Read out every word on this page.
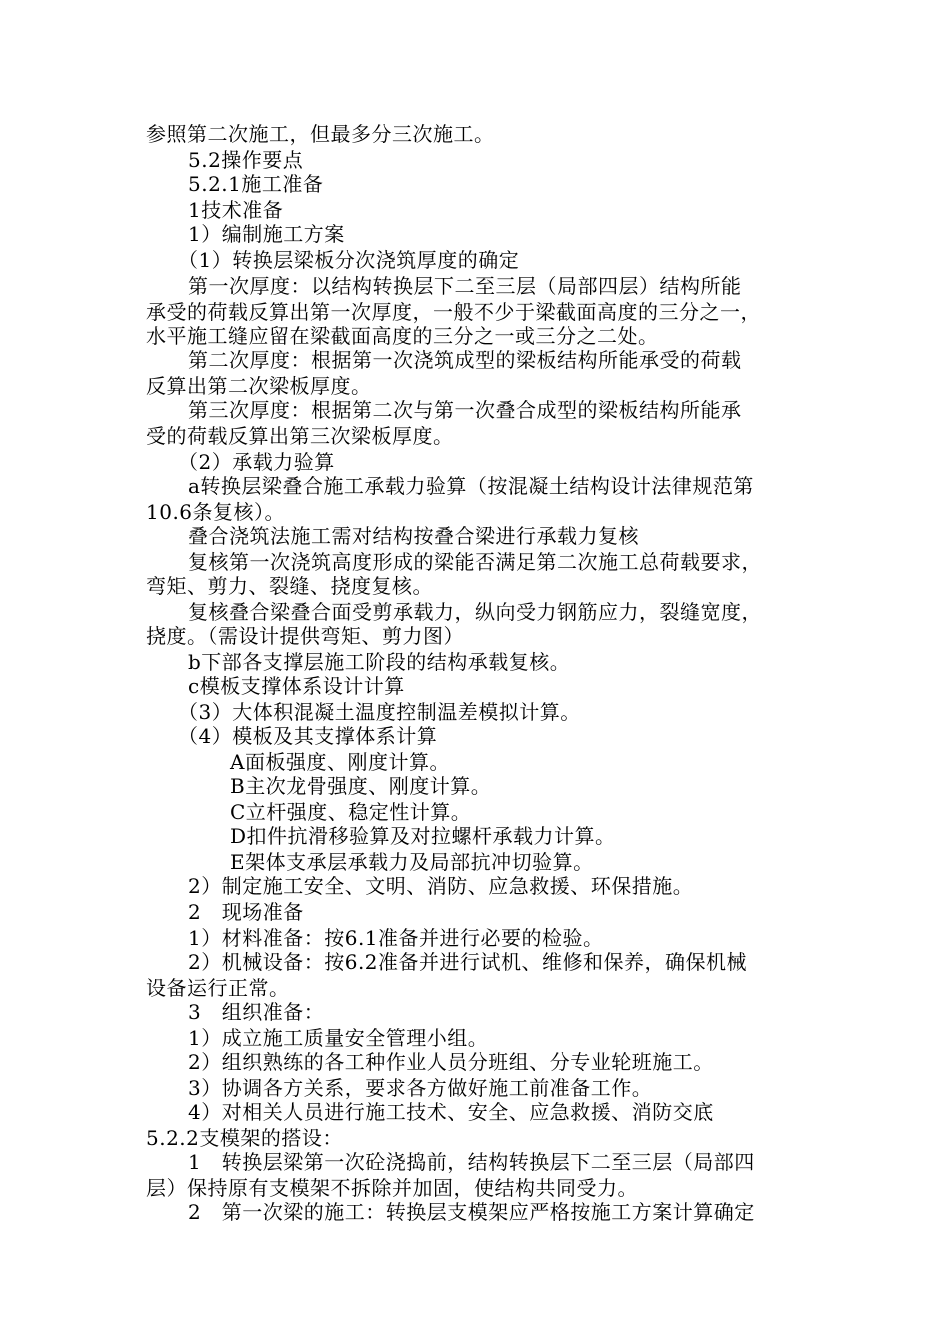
参照第二次施工，但最多分三次施工。
5.2操作要点
5.2.1施工准备
1技术准备
1）编制施工方案
（1）转换层梁板分次浇筑厚度的确定
第一次厚度：以结构转换层下二至三层（局部四层）结构所能
承受的荷载反算出第一次厚度，一般不少于梁截面高度的三分之一，
水平施工缝应留在梁截面高度的三分之一或三分之二处。
第二次厚度：根据第一次浇筑成型的梁板结构所能承受的荷载
反算出第二次梁板厚度。
第三次厚度：根据第二次与第一次叠合成型的梁板结构所能承
受的荷载反算出第三次梁板厚度。
（2）承载力验算
a转换层梁叠合施工承载力验算（按混凝土结构设计法律规范第
10.6条复核）。
叠合浇筑法施工需对结构按叠合梁进行承载力复核
复核第一次浇筑高度形成的梁能否满足第二次施工总荷载要求，
弯矩、剪力、裂缝、挠度复核。
复核叠合梁叠合面受剪承载力，纵向受力钢筋应力，裂缝宽度，
挠度。（需设计提供弯矩、剪力图）
b下部各支撑层施工阶段的结构承载复核。
c模板支撑体系设计计算
（3）大体积混凝土温度控制温差模拟计算。
（4）模板及其支撑体系计算
A面板强度、刚度计算。
B主次龙骨强度、刚度计算。
C立杆强度、稳定性计算。
D扣件抗滑移验算及对拉螺杆承载力计算。
E架体支承层承载力及局部抗冲切验算。
2）制定施工安全、文明、消防、应急救援、环保措施。
2　现场准备
1）材料准备：按6.1准备并进行必要的检验。
2）机械设备：按6.2准备并进行试机、维修和保养，确保机械
设备运行正常。
3　组织准备：
1）成立施工质量安全管理小组。
2）组织熟练的各工种作业人员分班组、分专业轮班施工。
3）协调各方关系，要求各方做好施工前准备工作。
4）对相关人员进行施工技术、安全、应急救援、消防交底
5.2.2支模架的搭设：
1　转换层梁第一次砼浇捣前，结构转换层下二至三层（局部四
层）保持原有支模架不拆除并加固，使结构共同受力。
2　第一次梁的施工：转换层支模架应严格按施工方案计算确定
